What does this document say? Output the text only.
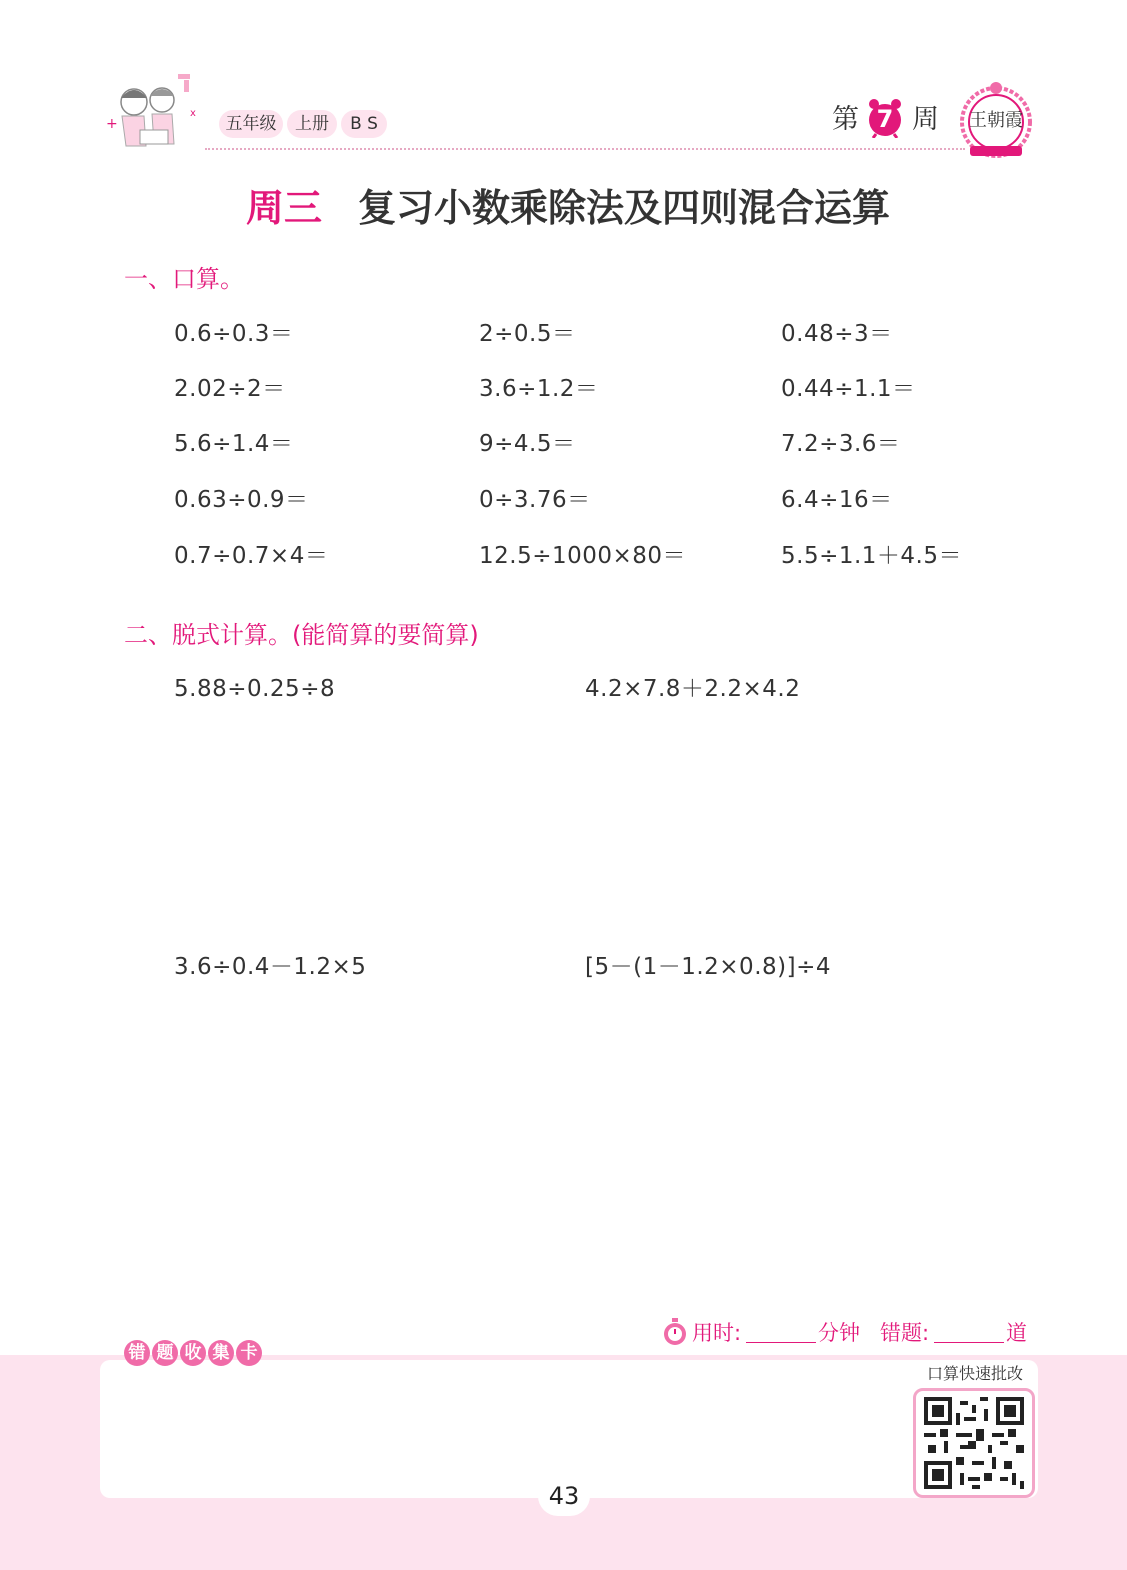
+
x
五年级	上册	B S	第 7 周 王朝霞
周三 复习小数乘除法及四则混合运算
一、口算。
0.6÷0.3＝	2÷0.5＝	0.48÷3＝
2.02÷2＝	3.6÷1.2＝	0.44÷1.1＝
5.6÷1.4＝	9÷4.5＝	7.2÷3.6＝
0.63÷0.9＝	0÷3.76＝	6.4÷16＝
0.7÷0.7×4＝	12.5÷1000×80＝	5.5÷1.1＋4.5＝
二、脱式计算。(能简算的要简算)
5.88÷0.25÷8	4.2×7.8＋2.2×4.2
3.6÷0.4－1.2×5	[5－(1－1.2×0.8)]÷4
用时:	分钟 错题:	道
错 题 收 集 卡
口算快速批改
43
